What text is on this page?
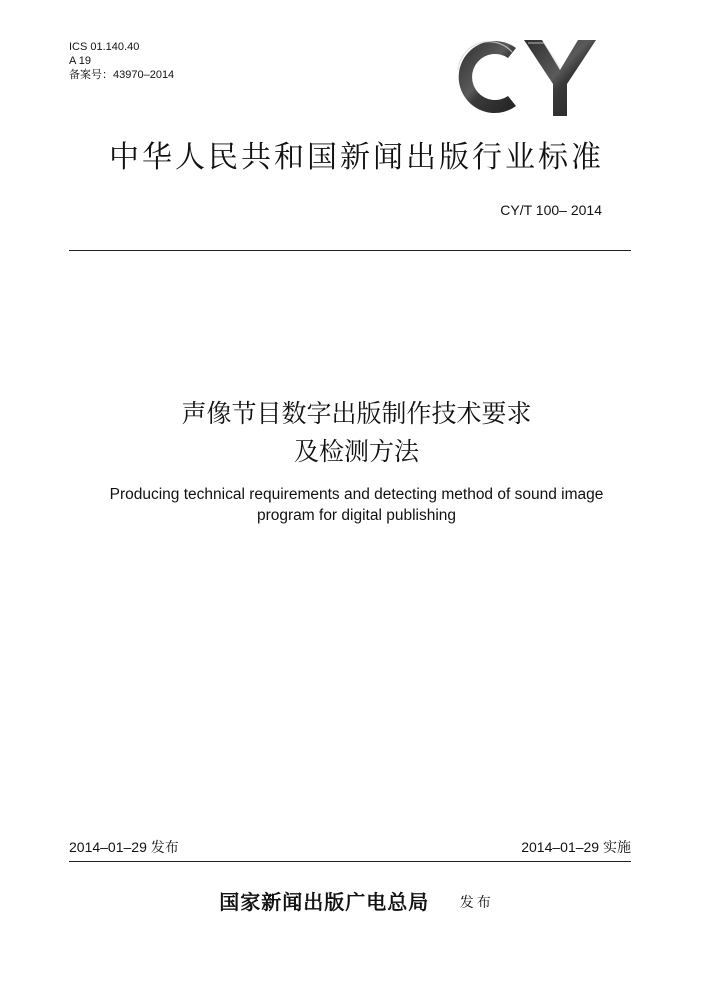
ICS 01.140.40
A 19
备案号：43970–2014
中华人民共和国新闻出版行业标准
CY/T 100– 2014
声像节目数字出版制作技术要求
及检测方法
Producing technical requirements and detecting method of sound image
program for digital publishing
2014–01–29 发布	2014–01–29 实施
国家新闻出版广电总局 发布
